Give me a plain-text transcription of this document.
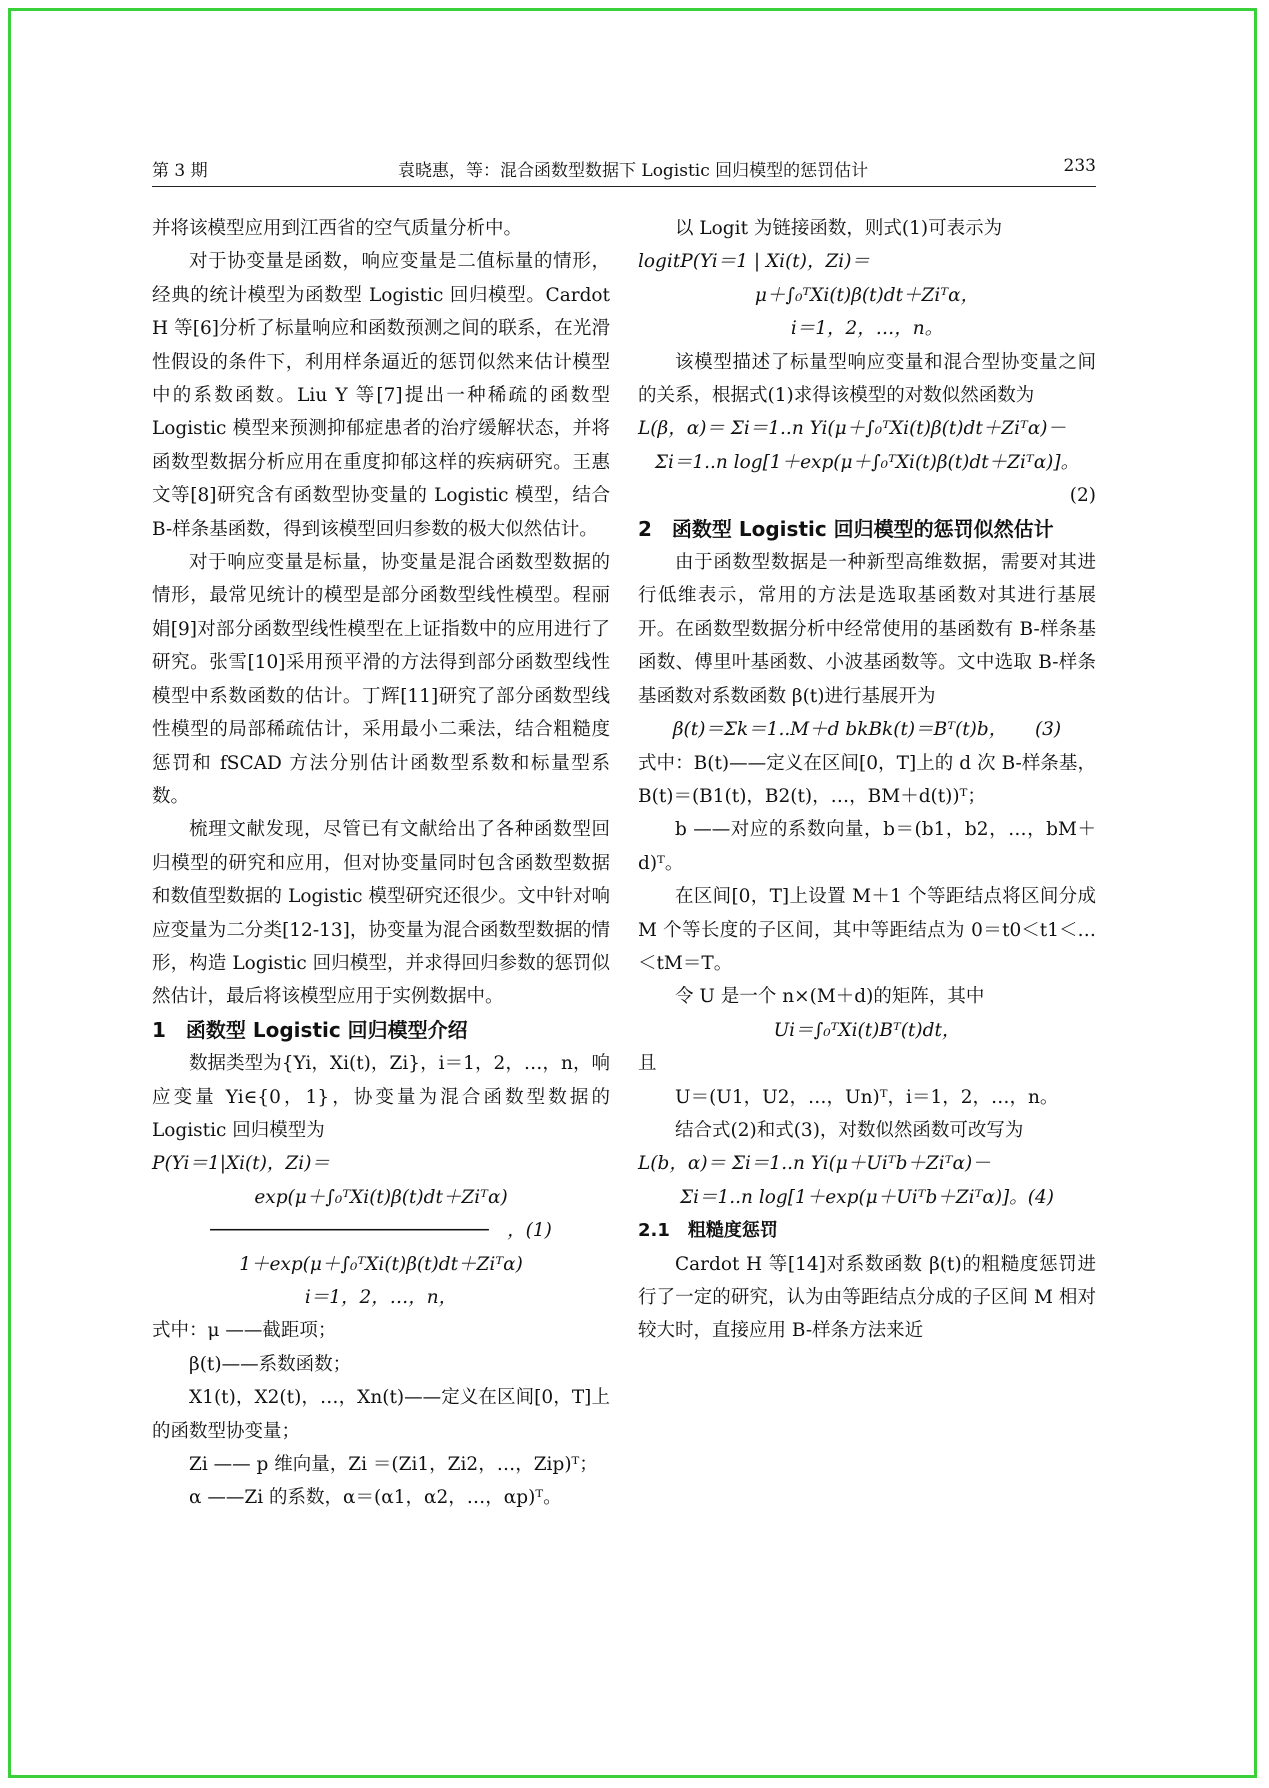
第 3 期	袁晓惠，等：混合函数型数据下 Logistic 回归模型的惩罚估计	233

并将该模型应用到江西省的空气质量分析中。

对于协变量是函数，响应变量是二值标量的情形，经典的统计模型为函数型 Logistic 回归模型。Cardot H 等[6]分析了标量响应和函数预测之间的联系，在光滑性假设的条件下，利用样条逼近的惩罚似然来估计模型中的系数函数。Liu Y 等[7]提出一种稀疏的函数型 Logistic 模型来预测抑郁症患者的治疗缓解状态，并将函数型数据分析应用在重度抑郁这样的疾病研究。王惠文等[8]研究含有函数型协变量的 Logistic 模型，结合 B-样条基函数，得到该模型回归参数的极大似然估计。

对于响应变量是标量，协变量是混合函数型数据的情形，最常见统计的模型是部分函数型线性模型。程丽娟[9]对部分函数型线性模型在上证指数中的应用进行了研究。张雪[10]采用预平滑的方法得到部分函数型线性模型中系数函数的估计。丁辉[11]研究了部分函数型线性模型的局部稀疏估计，采用最小二乘法，结合粗糙度惩罚和 fSCAD 方法分别估计函数型系数和标量型系数。

梳理文献发现，尽管已有文献给出了各种函数型回归模型的研究和应用，但对协变量同时包含函数型数据和数值型数据的 Logistic 模型研究还很少。文中针对响应变量为二分类[12-13]，协变量为混合函数型数据的情形，构造 Logistic 回归模型，并求得回归参数的惩罚似然估计，最后将该模型应用于实例数据中。

1　函数型 Logistic 回归模型介绍

数据类型为{Yi，Xi(t)，Zi}，i＝1，2，…，n，响应变量 Yi∈{0，1}，协变量为混合函数型数据的 Logistic 回归模型为

P(Yi＝1|Xi(t)，Zi)＝

exp(μ＋∫₀ᵀXi(t)β(t)dt＋Ziᵀα)

─────────────────────────　，(1)

1＋exp(μ＋∫₀ᵀXi(t)β(t)dt＋Ziᵀα)

i＝1，2，…，n，

式中：μ ——截距项；

β(t)——系数函数；

X1(t)，X2(t)，…，Xn(t)——定义在区间[0，T]上的函数型协变量；

Zi —— p 维向量，Zi ＝(Zi1，Zi2，…，Zip)ᵀ；

α ——Zi 的系数，α＝(α1，α2，…，αp)ᵀ。

以 Logit 为链接函数，则式(1)可表示为

logitP(Yi＝1 | Xi(t)，Zi)＝

μ＋∫₀ᵀXi(t)β(t)dt＋Ziᵀα，

i＝1，2，…，n。

该模型描述了标量型响应变量和混合型协变量之间的关系，根据式(1)求得该模型的对数似然函数为

L(β，α)＝ Σi＝1..n Yi(μ＋∫₀ᵀXi(t)β(t)dt＋Ziᵀα)－

Σi＝1..n log[1＋exp(μ＋∫₀ᵀXi(t)β(t)dt＋Ziᵀα)]。

(2)

2　函数型 Logistic 回归模型的惩罚似然估计

由于函数型数据是一种新型高维数据，需要对其进行低维表示，常用的方法是选取基函数对其进行基展开。在函数型数据分析中经常使用的基函数有 B-样条基函数、傅里叶基函数、小波基函数等。文中选取 B-样条基函数对系数函数 β(t)进行基展开为

β(t)＝Σk＝1..M＋d bkBk(t)＝Bᵀ(t)b，　　(3)

式中：B(t)——定义在区间[0，T]上的 d 次 B-样条基，B(t)＝(B1(t)，B2(t)，…，BM＋d(t))ᵀ；

b ——对应的系数向量，b＝(b1，b2，…，bM＋d)ᵀ。

在区间[0，T]上设置 M＋1 个等距结点将区间分成 M 个等长度的子区间，其中等距结点为 0＝t0＜t1＜…＜tM＝T。

令 U 是一个 n×(M＋d)的矩阵，其中

Ui＝∫₀ᵀXi(t)Bᵀ(t)dt，

且

U＝(U1，U2，…，Un)ᵀ，i＝1，2，…，n。

结合式(2)和式(3)，对数似然函数可改写为

L(b，α)＝ Σi＝1..n Yi(μ＋Uiᵀb＋Ziᵀα)－

Σi＝1..n log[1＋exp(μ＋Uiᵀb＋Ziᵀα)]。(4)

2.1　粗糙度惩罚

Cardot H 等[14]对系数函数 β(t)的粗糙度惩罚进行了一定的研究，认为由等距结点分成的子区间 M 相对较大时，直接应用 B-样条方法来近
